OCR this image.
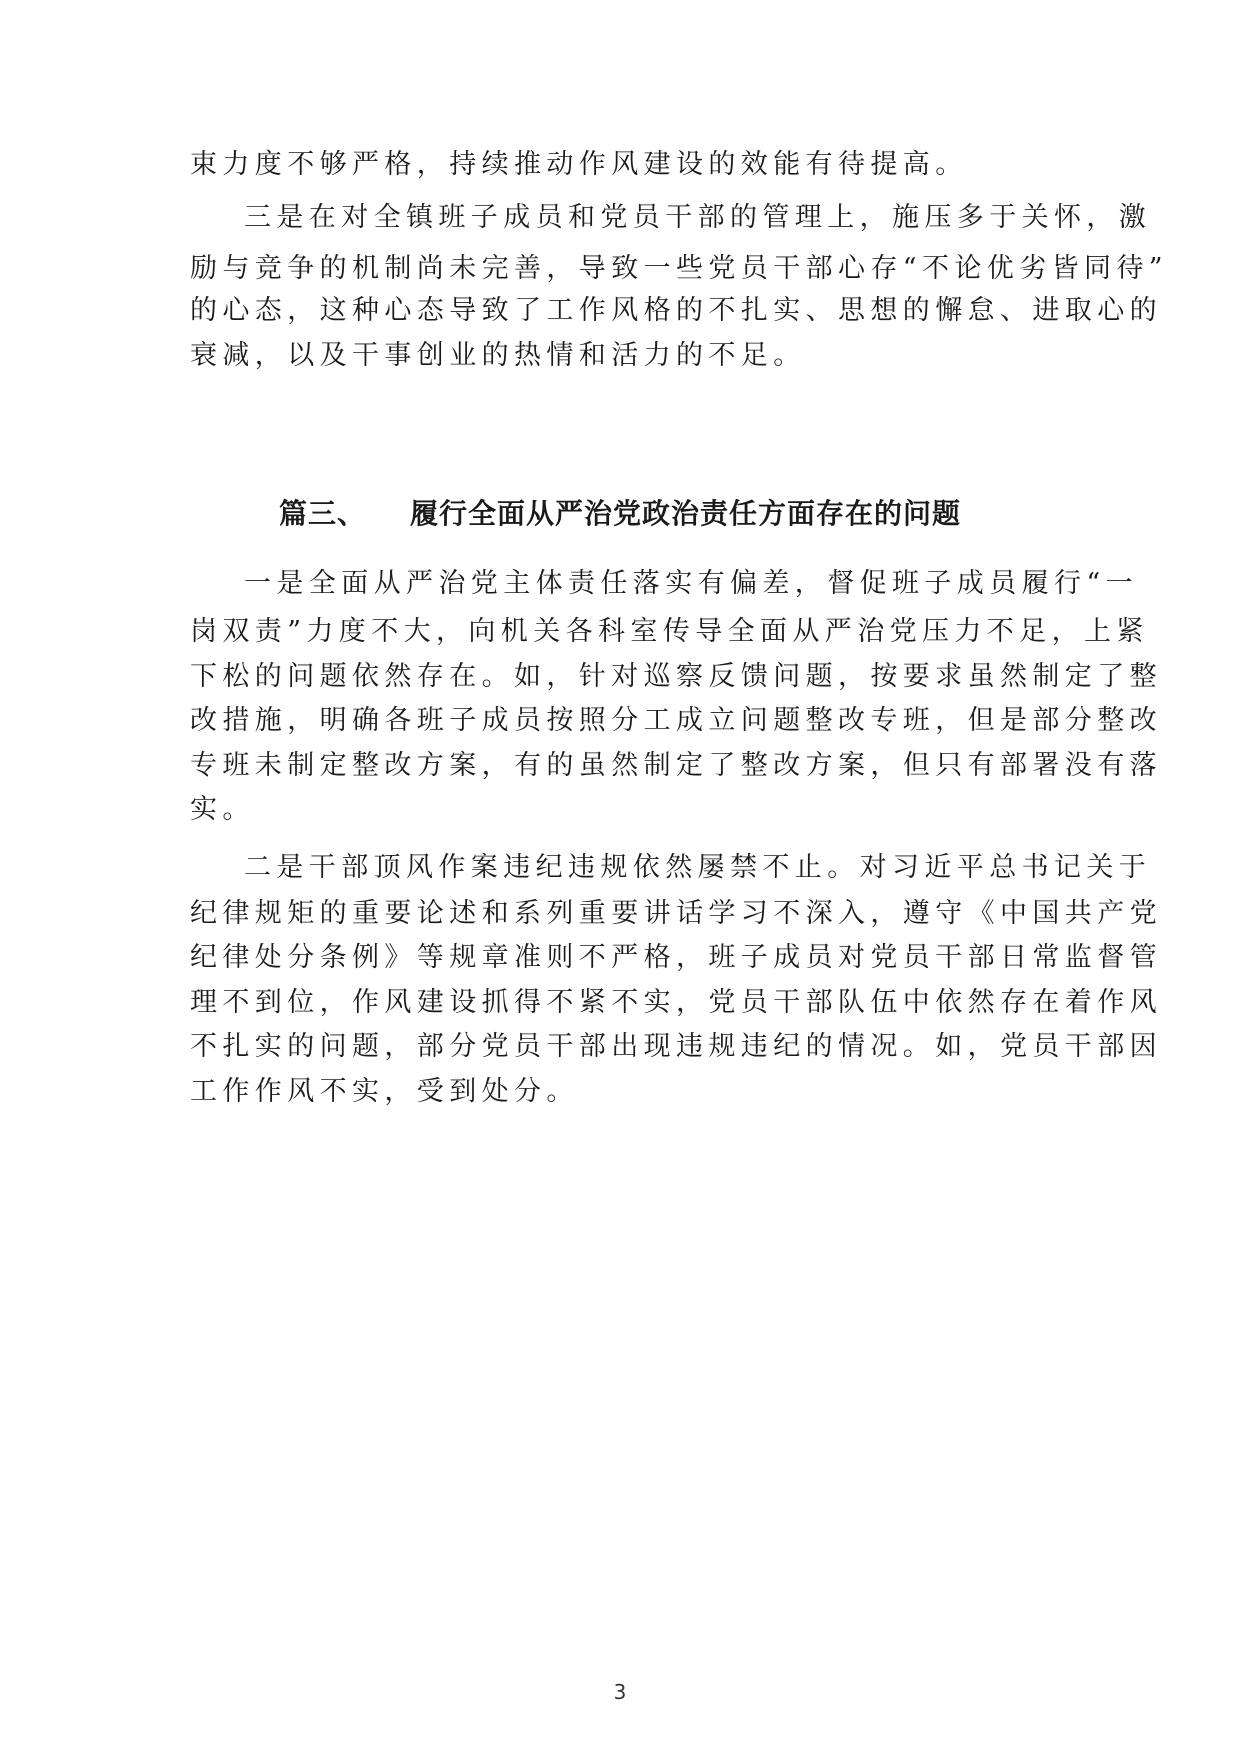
束力度不够严格，持续推动作风建设的效能有待提高。
三是在对全镇班子成员和党员干部的管理上，施压多于关怀，激
励与竞争的机制尚未完善，导致一些党员干部心存“不论优劣皆同待”
的心态，这种心态导致了工作风格的不扎实、思想的懈怠、进取心的
衰减，以及干事创业的热情和活力的不足。
篇三、 履行全面从严治党政治责任方面存在的问题
一是全面从严治党主体责任落实有偏差，督促班子成员履行“一
岗双责”力度不大，向机关各科室传导全面从严治党压力不足，上紧
下松的问题依然存在。如，针对巡察反馈问题，按要求虽然制定了整
改措施，明确各班子成员按照分工成立问题整改专班，但是部分整改
专班未制定整改方案，有的虽然制定了整改方案，但只有部署没有落
实。
二是干部顶风作案违纪违规依然屡禁不止。对习近平总书记关于
纪律规矩的重要论述和系列重要讲话学习不深入，遵守《中国共产党
纪律处分条例》等规章准则不严格，班子成员对党员干部日常监督管
理不到位，作风建设抓得不紧不实，党员干部队伍中依然存在着作风
不扎实的问题，部分党员干部出现违规违纪的情况。如，党员干部因
工作作风不实，受到处分。
3
